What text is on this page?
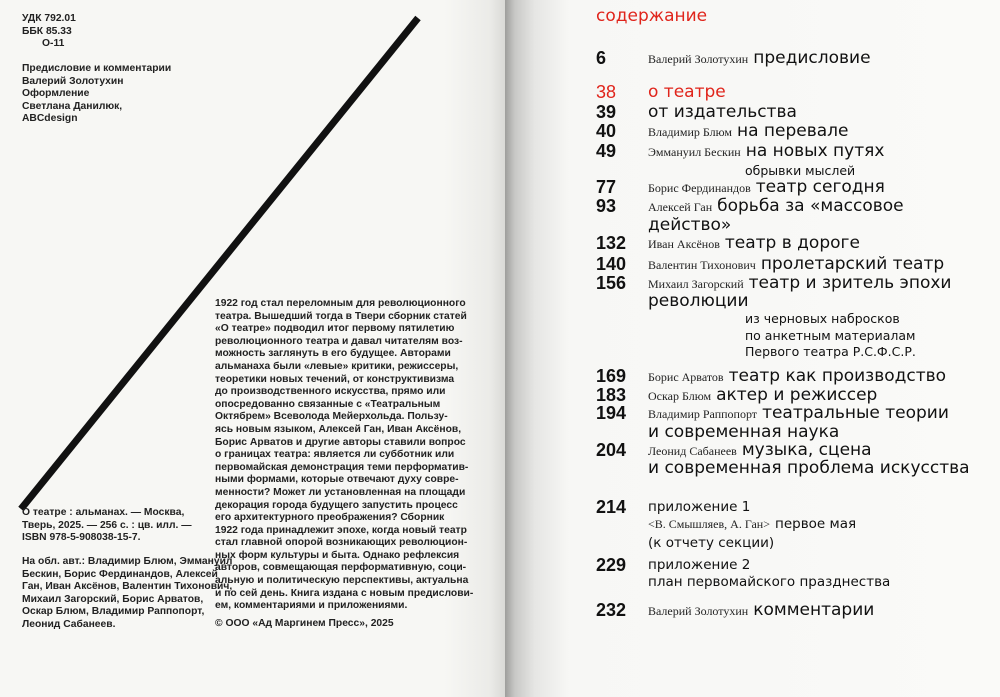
УДК 792.01
ББК 85.33
О-11
Предисловие и комментарии
Валерий Золотухин
Оформление
Светлана Данилюк,
ABCdesign
1922 год стал переломным для революционного
театра. Вышедший тогда в Твери сборник статей
«О театре» подводил итог первому пятилетию
революционного театра и давал читателям воз-
можность заглянуть в его будущее. Авторами
альманаха были «левые» критики, режиссеры,
теоретики новых течений, от конструктивизма
до производственного искусства, прямо или
опосредованно связанные с «Театральным
Октябрем» Всеволода Мейерхольда. Пользу-
ясь новым языком, Алексей Ган, Иван Аксёнов,
Борис Арватов и другие авторы ставили вопрос
о границах театра: является ли субботник или
первомайская демонстрация теми перформатив-
ными формами, которые отвечают духу совре-
менности? Может ли установленная на площади
декорация города будущего запустить процесс
его архитектурного преображения? Сборник
1922 года принадлежит эпохе, когда новый театр
стал главной опорой возникающих революцион-
ных форм культуры и быта. Однако рефлексия
авторов, совмещающая перформативную, соци-
альную и политическую перспективы, актуальна
и по сей день. Книга издана с новым предислови-
ем, комментариями и приложениями.
© ООО «Ад Маргинем Пресс», 2025
О театре : альманах. — Москва,
Тверь, 2025. — 256 с. : цв. илл. —
ISBN 978-5-908038-15-7.
На обл. авт.: Владимир Блюм, Эммануил
Бескин, Борис Фердинандов, Алексей
Ган, Иван Аксёнов, Валентин Тихонович,
Михаил Загорский, Борис Арватов,
Оскар Блюм, Владимир Раппопорт,
Леонид Сабанеев.
содержание
6	Валерий Золотухин предисловие
38 о театре
39 от издательства
40	Владимир Блюм на перевале
49	Эммануил Бескин на новых путях
обрывки мыслей
77	Борис Фердинандов театр сегодня
93	Алексей Ган борьба за «массовое
действо»
132 Иван Аксёнов театр в дороге
140 Валентин Тихонович пролетарский театр
156 Михаил Загорский театр и зритель эпохи
революции
из черновых набросков
по анкетным материалам
Первого театра Р.С.Ф.С.Р.
169 Борис Арватов театр как производство
183 Оскар Блюм актер и режиссер
194 Владимир Раппопорт театральные теории
и современная наука
204 Леонид Сабанеев музыка, сцена
и современная проблема искусства
214 приложение 1
<В. Смышляев, А. Ган> первое мая
(к отчету секции)
229 приложение 2
план первомайского празднества
232 Валерий Золотухин комментарии
